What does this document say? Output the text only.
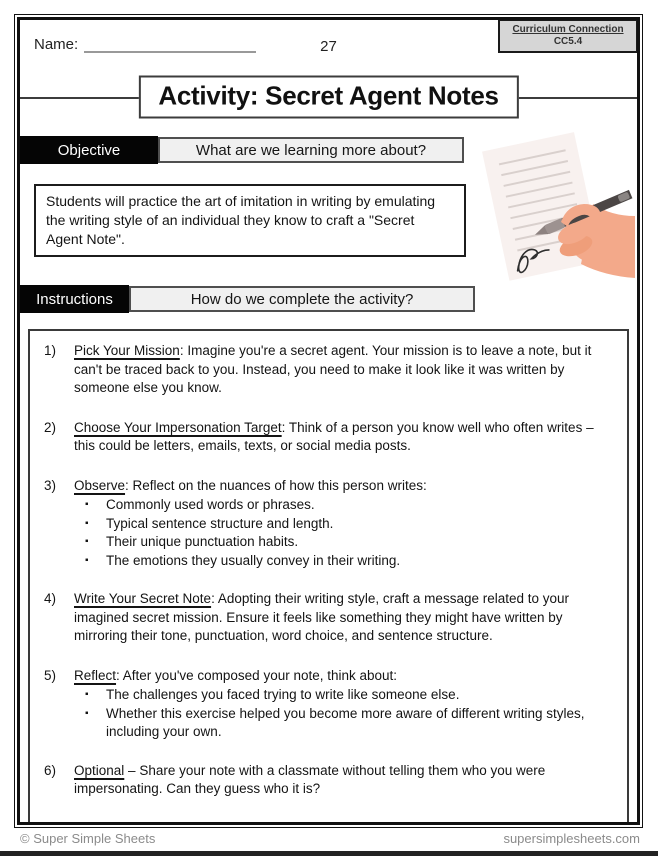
Name:	27
Curriculum Connection
CC5.4
Activity: Secret Agent Notes
Objective	What are we learning more about?
Students will practice the art of imitation in writing by emulating the writing style of an individual they know to craft a "Secret Agent Note".
Instructions	How do we complete the activity?
1)	Pick Your Mission: Imagine you're a secret agent. Your mission is to leave a note, but it can't be traced back to you. Instead, you need to make it look like it was written by someone else you know.
2)	Choose Your Impersonation Target: Think of a person you know well who often writes – this could be letters, emails, texts, or social media posts.
3)	Observe: Reflect on the nuances of how this person writes:
▪	Commonly used words or phrases.
▪	Typical sentence structure and length.
▪	Their unique punctuation habits.
▪	The emotions they usually convey in their writing.
4)	Write Your Secret Note: Adopting their writing style, craft a message related to your imagined secret mission. Ensure it feels like something they might have written by mirroring their tone, punctuation, word choice, and sentence structure.
5)	Reflect: After you've composed your note, think about:
▪	The challenges you faced trying to write like someone else.
▪	Whether this exercise helped you become more aware of different writing styles, including your own.
6)	Optional – Share your note with a classmate without telling them who you were impersonating. Can they guess who it is?
© Super Simple Sheets	supersimplesheets.com
